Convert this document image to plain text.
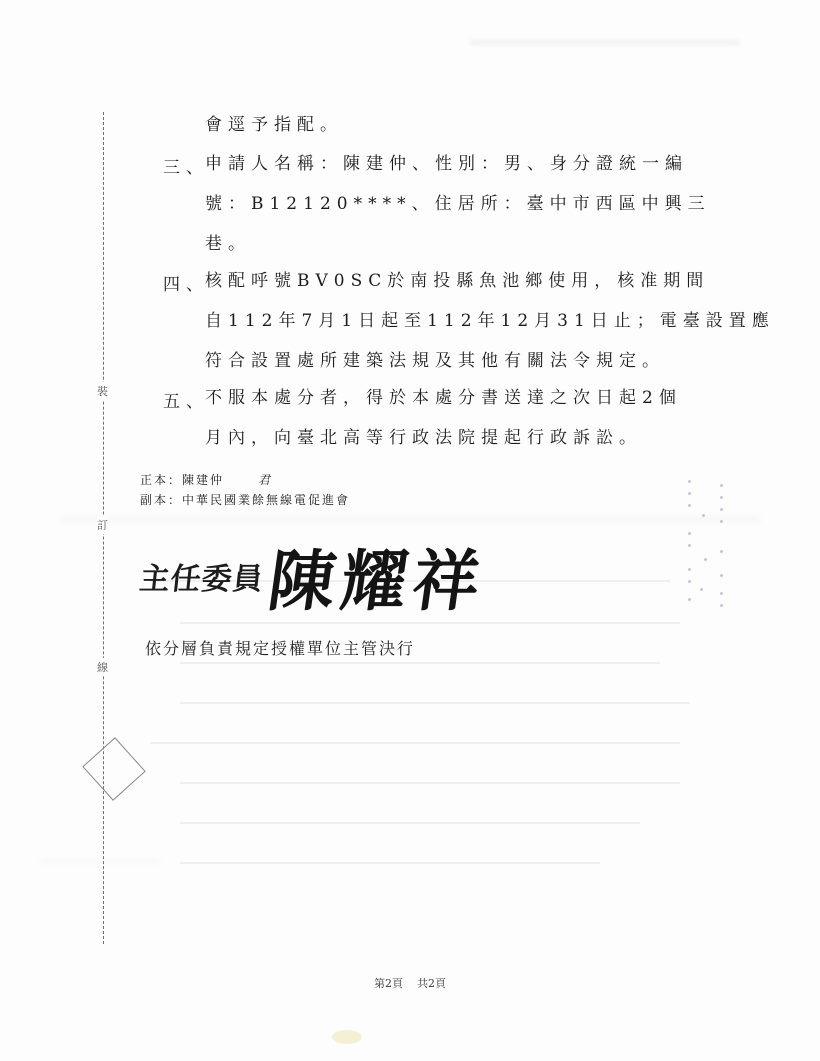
裝
訂
線
會逕予指配。
三、
申請人名稱：陳建仲、性別：男、身分證統一編
號：B12120****、住居所：臺中市西區中興三
巷。
四、
核配呼號BV0SC於南投縣魚池鄉使用，核准期間
自112年7月1日起至112年12月31日止；電臺設置應
符合設置處所建築法規及其他有關法令規定。
五、
不服本處分者，得於本處分書送達之次日起2個
月內，向臺北高等行政法院提起行政訴訟。
正本：陳建仲	君
副本：中華民國業餘無線電促進會
主任委員陳耀祥
依分層負責規定授權單位主管決行
第2頁 共2頁
